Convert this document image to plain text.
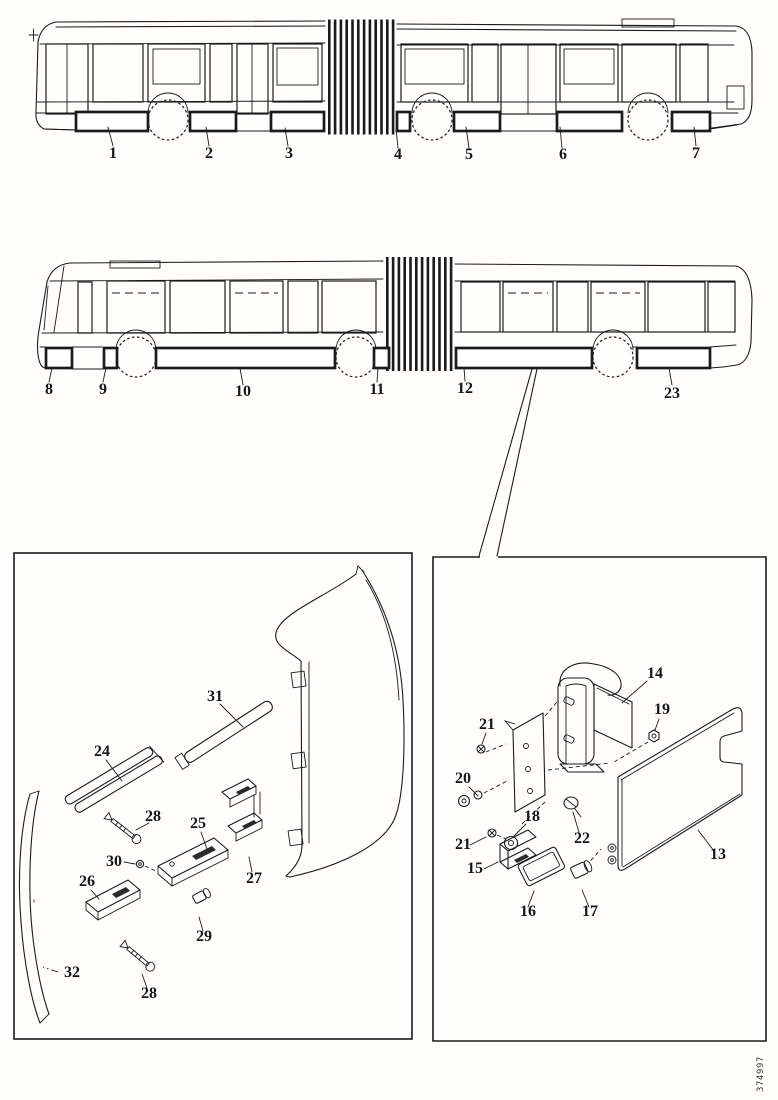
1	2	3	4	5	6	7
8	9	10	11	12	23
31
24
28 25
30
26	27
29
32
28
14
19
21
20
18
21	22
15
16	17
13
374997
